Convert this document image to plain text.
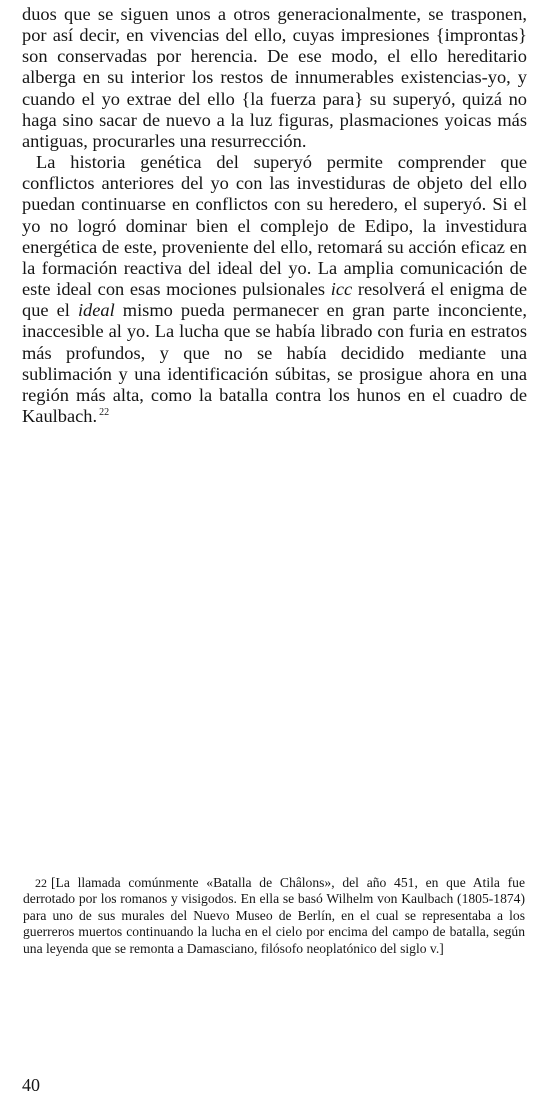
duos que se siguen unos a otros generacionalmente, se trasponen, por así decir, en vivencias del ello, cuyas impresiones {improntas} son conservadas por herencia. De ese modo, el ello hereditario alberga en su interior los restos de innumerables existencias-yo, y cuando el yo extrae del ello {la fuerza para} su superyó, quizá no haga sino sacar de nuevo a la luz figuras, plasmaciones yoicas más antiguas, procurarles una resurrección.

La historia genética del superyó permite comprender que conflictos anteriores del yo con las investiduras de objeto del ello puedan continuarse en conflictos con su heredero, el superyó. Si el yo no logró dominar bien el complejo de Edipo, la investidura energética de este, proveniente del ello, retomará su acción eficaz en la formación reactiva del ideal del yo. La amplia comunicación de este ideal con esas mociones pulsionales icc resolverá el enigma de que el ideal mismo pueda permanecer en gran parte inconciente, inaccesible al yo. La lucha que se había librado con furia en estratos más profundos, y que no se había decidido mediante una sublimación y una identificación súbitas, se prosigue ahora en una región más alta, como la batalla contra los hunos en el cuadro de Kaulbach. $^{22}$

22 [La llamada comúnmente «Batalla de Châlons», del año 451, en que Atila fue derrotado por los romanos y visigodos. En ella se basó Wilhelm von Kaulbach (1805-1874) para uno de sus murales del Nuevo Museo de Berlín, en el cual se representaba a los guerreros muertos continuando la lucha en el cielo por encima del campo de batalla, según una leyenda que se remonta a Damasciano, filósofo neoplatónico del siglo v.]

40
